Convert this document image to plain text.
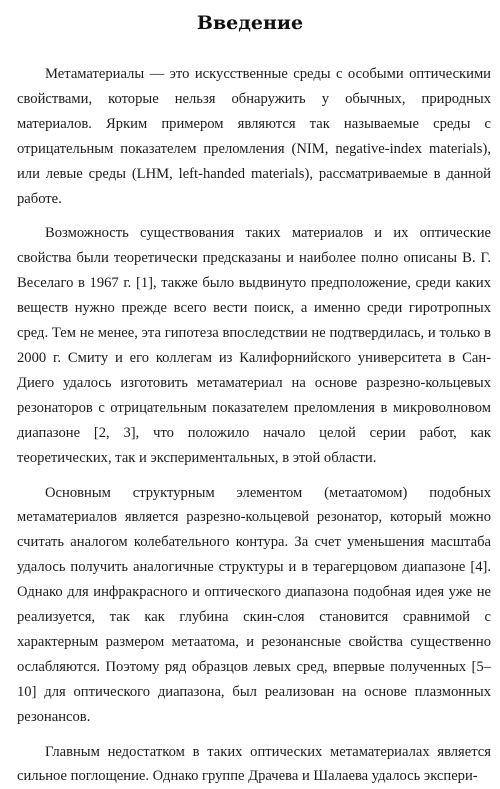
Введение

Метаматериалы — это искусственные среды с особыми оптическими свойствами, которые нельзя обнаружить у обычных, природных материалов. Ярким примером являются так называемые среды с отрицательным показателем преломления (NIM, negative-index materials), или левые среды (LHM, left-handed materials), рассматриваемые в данной работе.

Возможность существования таких материалов и их оптические свойства были теоретически предсказаны и наиболее полно описаны В. Г. Веселаго в 1967 г. [1], также было выдвинуто предположение, среди каких веществ нужно прежде всего вести поиск, а именно среди гиротропных сред. Тем не менее, эта гипотеза впоследствии не подтвердилась, и только в 2000 г. Смиту и его коллегам из Калифорнийского университета в Сан-Диего удалось изготовить метаматериал на основе разрезно-кольцевых резонаторов с отрицательным показателем преломления в микроволновом диапазоне [2, 3], что положило начало целой серии работ, как теоретических, так и экспериментальных, в этой области.

Основным структурным элементом (метаатомом) подобных метаматериалов является разрезно-кольцевой резонатор, который можно считать аналогом колебательного контура. За счет уменьшения масштаба удалось получить аналогичные структуры и в терагерцовом диапазоне [4]. Однако для инфракрасного и оптического диапазона подобная идея уже не реализуется, так как глубина скин-слоя становится сравнимой с характерным размером метаатома, и резонансные свойства существенно ослабляются. Поэтому ряд образцов левых сред, впервые полученных [5–10] для оптического диапазона, был реализован на основе плазмонных резонансов.

Главным недостатком в таких оптических метаматериалах является сильное поглощение. Однако группе Драчева и Шалаева удалось экспери-
